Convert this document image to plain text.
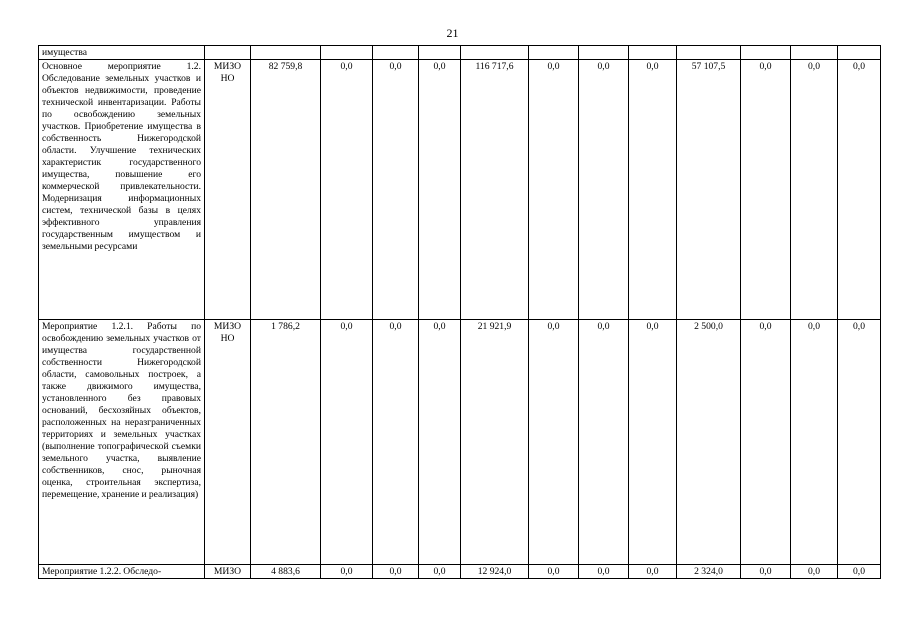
21
имущества													
Основное мероприятие 1.2. Обследование земельных участков и объектов недвижимости, проведение технической инвентаризации. Работы по освобождению земельных участков. Приобретение имущества в собственность Нижегородской области. Улучшение технических характеристик государственного имущества, повышение его коммерческой привлекательности. Модернизация информационных систем, технической базы в целях эффективного управления государственным имуществом и земельными ресурсами	МИЗО НО	82 759,8	0,0	0,0	0,0	116 717,6	0,0	0,0	0,0	57 107,5	0,0	0,0	0,0
Мероприятие 1.2.1. Работы по освобождению земельных участков от имущества государственной собственности Нижегородской области, самовольных построек, а также движимого имущества, установленного без правовых оснований, бесхозяйных объектов, расположенных на неразграниченных территориях и земельных участках (выполнение топографической съемки земельного участка, выявление собственников, снос, рыночная оценка, строительная экспертиза, перемещение, хранение и реализация)	МИЗО НО	1 786,2	0,0	0,0	0,0	21 921,9	0,0	0,0	0,0	2 500,0	0,0	0,0	0,0
Мероприятие 1.2.2. Обследо-	МИЗО	4 883,6	0,0	0,0	0,0	12 924,0	0,0	0,0	0,0	2 324,0	0,0	0,0	0,0
